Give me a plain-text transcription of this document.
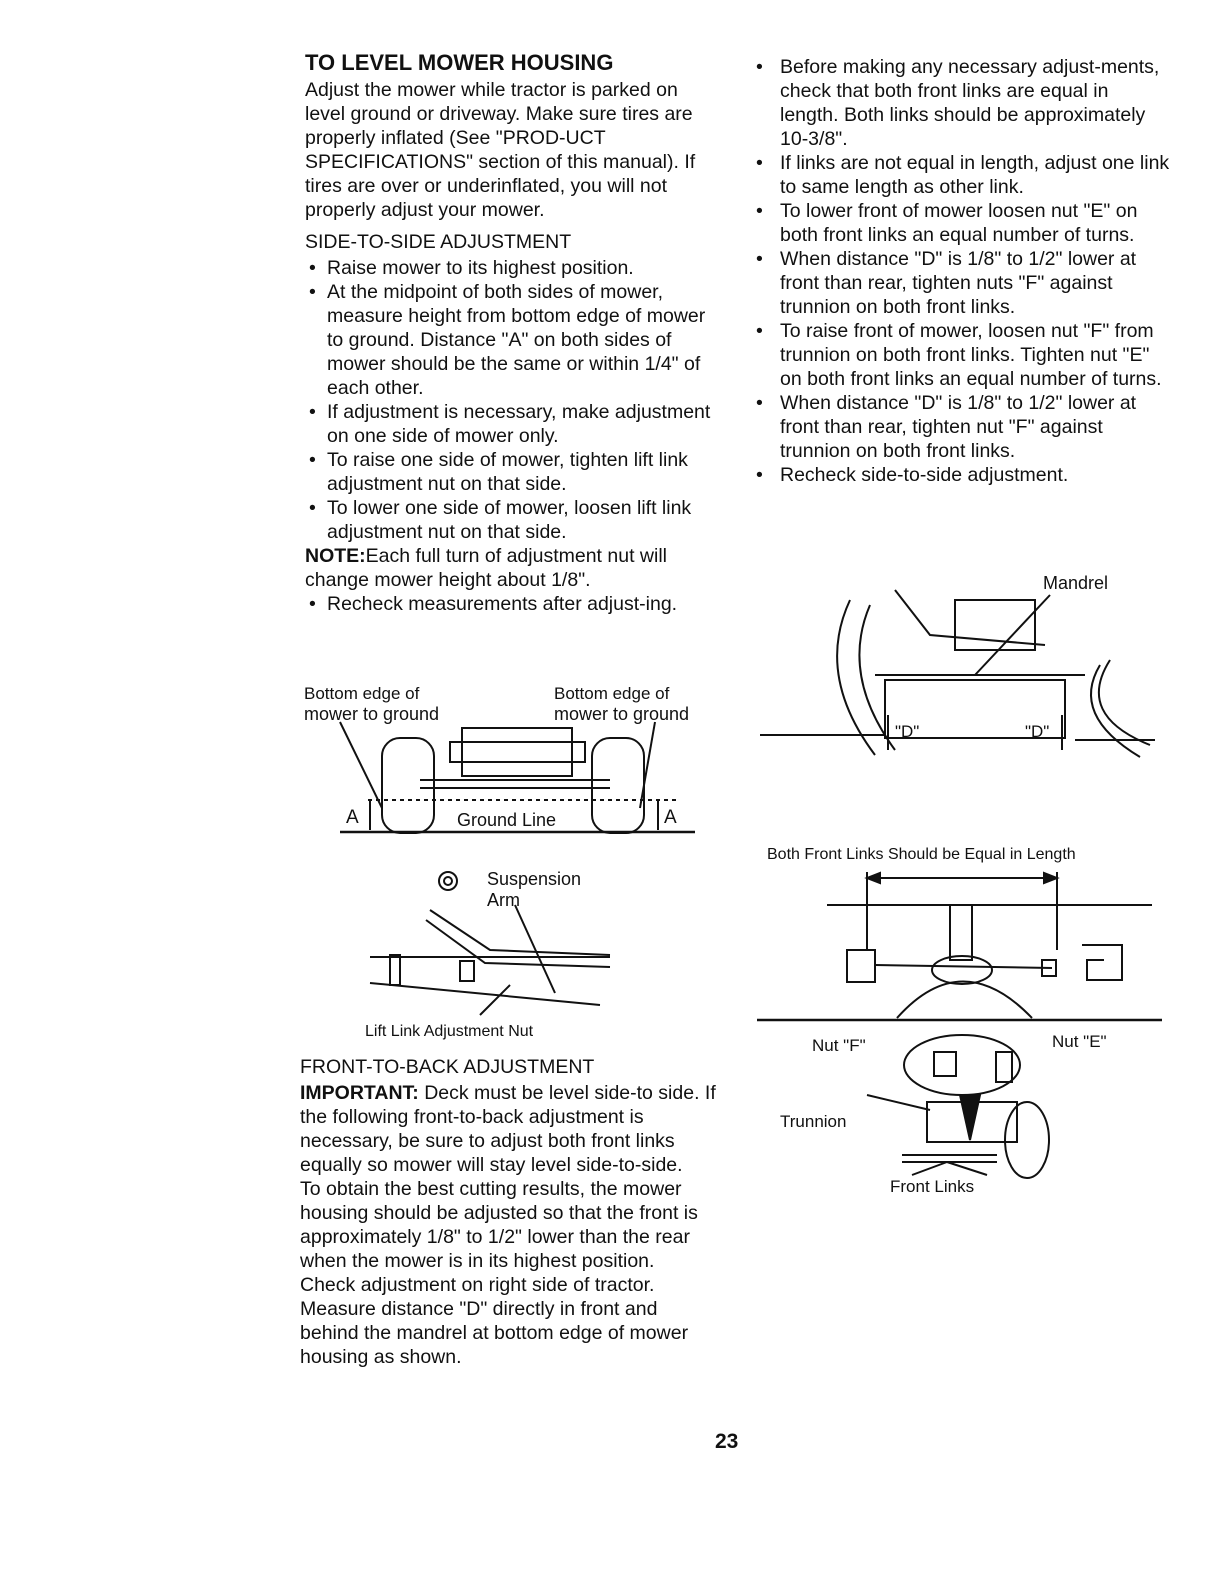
TO LEVEL MOWER HOUSING

Adjust the mower while tractor is parked on level ground or driveway. Make sure tires are properly inflated (See "PROD-UCT SPECIFICATIONS" section of this manual). If tires are over or underinflated, you will not properly adjust your mower.

SIDE-TO-SIDE ADJUSTMENT
• Raise mower to its highest position.
• At the midpoint of both sides of mower, measure height from bottom edge of mower to ground. Distance "A" on both sides of mower should be the same or within 1/4" of each other.
• If adjustment is necessary, make adjustment on one side of mower only.
• To raise one side of mower, tighten lift link adjustment nut on that side.
• To lower one side of mower, loosen lift link adjustment nut on that side.

NOTE:Each full turn of adjustment nut will change mower height about 1/8".

• Recheck measurements after adjust-ing.
Bottom edge of
mower to ground
Bottom edge of
mower to ground
Ground Line
A	A
Suspension
Arm
Lift Link Adjustment Nut
FRONT-TO-BACK ADJUSTMENT

IMPORTANT: Deck must be level side-to side. If the following front-to-back adjustment is necessary, be sure to adjust both front links equally so mower will stay level side-to-side.

To obtain the best cutting results, the mower housing should be adjusted so that the front is approximately 1/8" to 1/2" lower than the rear when the mower is in its highest position.

Check adjustment on right side of tractor. Measure distance "D" directly in front and behind the mandrel at bottom edge of mower housing as shown.

• Before making any necessary adjust-ments, check that both front links are equal in length. Both links should be approximately 10-3/8".
• If links are not equal in length, adjust one link to same length as other link.
• To lower front of mower loosen nut "E" on both front links an equal number of turns.
• When distance "D" is 1/8" to 1/2" lower at front than rear, tighten nuts "F" against trunnion on both front links.
• To raise front of mower, loosen nut "F" from trunnion on both front links. Tighten nut "E" on both front links an equal number of turns.
• When distance "D" is 1/8" to 1/2" lower at front than rear, tighten nut "F" against trunnion on both front links.
• Recheck side-to-side adjustment.
Mandrel
"D"	"D"
Both Front Links Should be Equal in Length
Nut "F"	Nut "E"
Trunnion
Front Links
23
